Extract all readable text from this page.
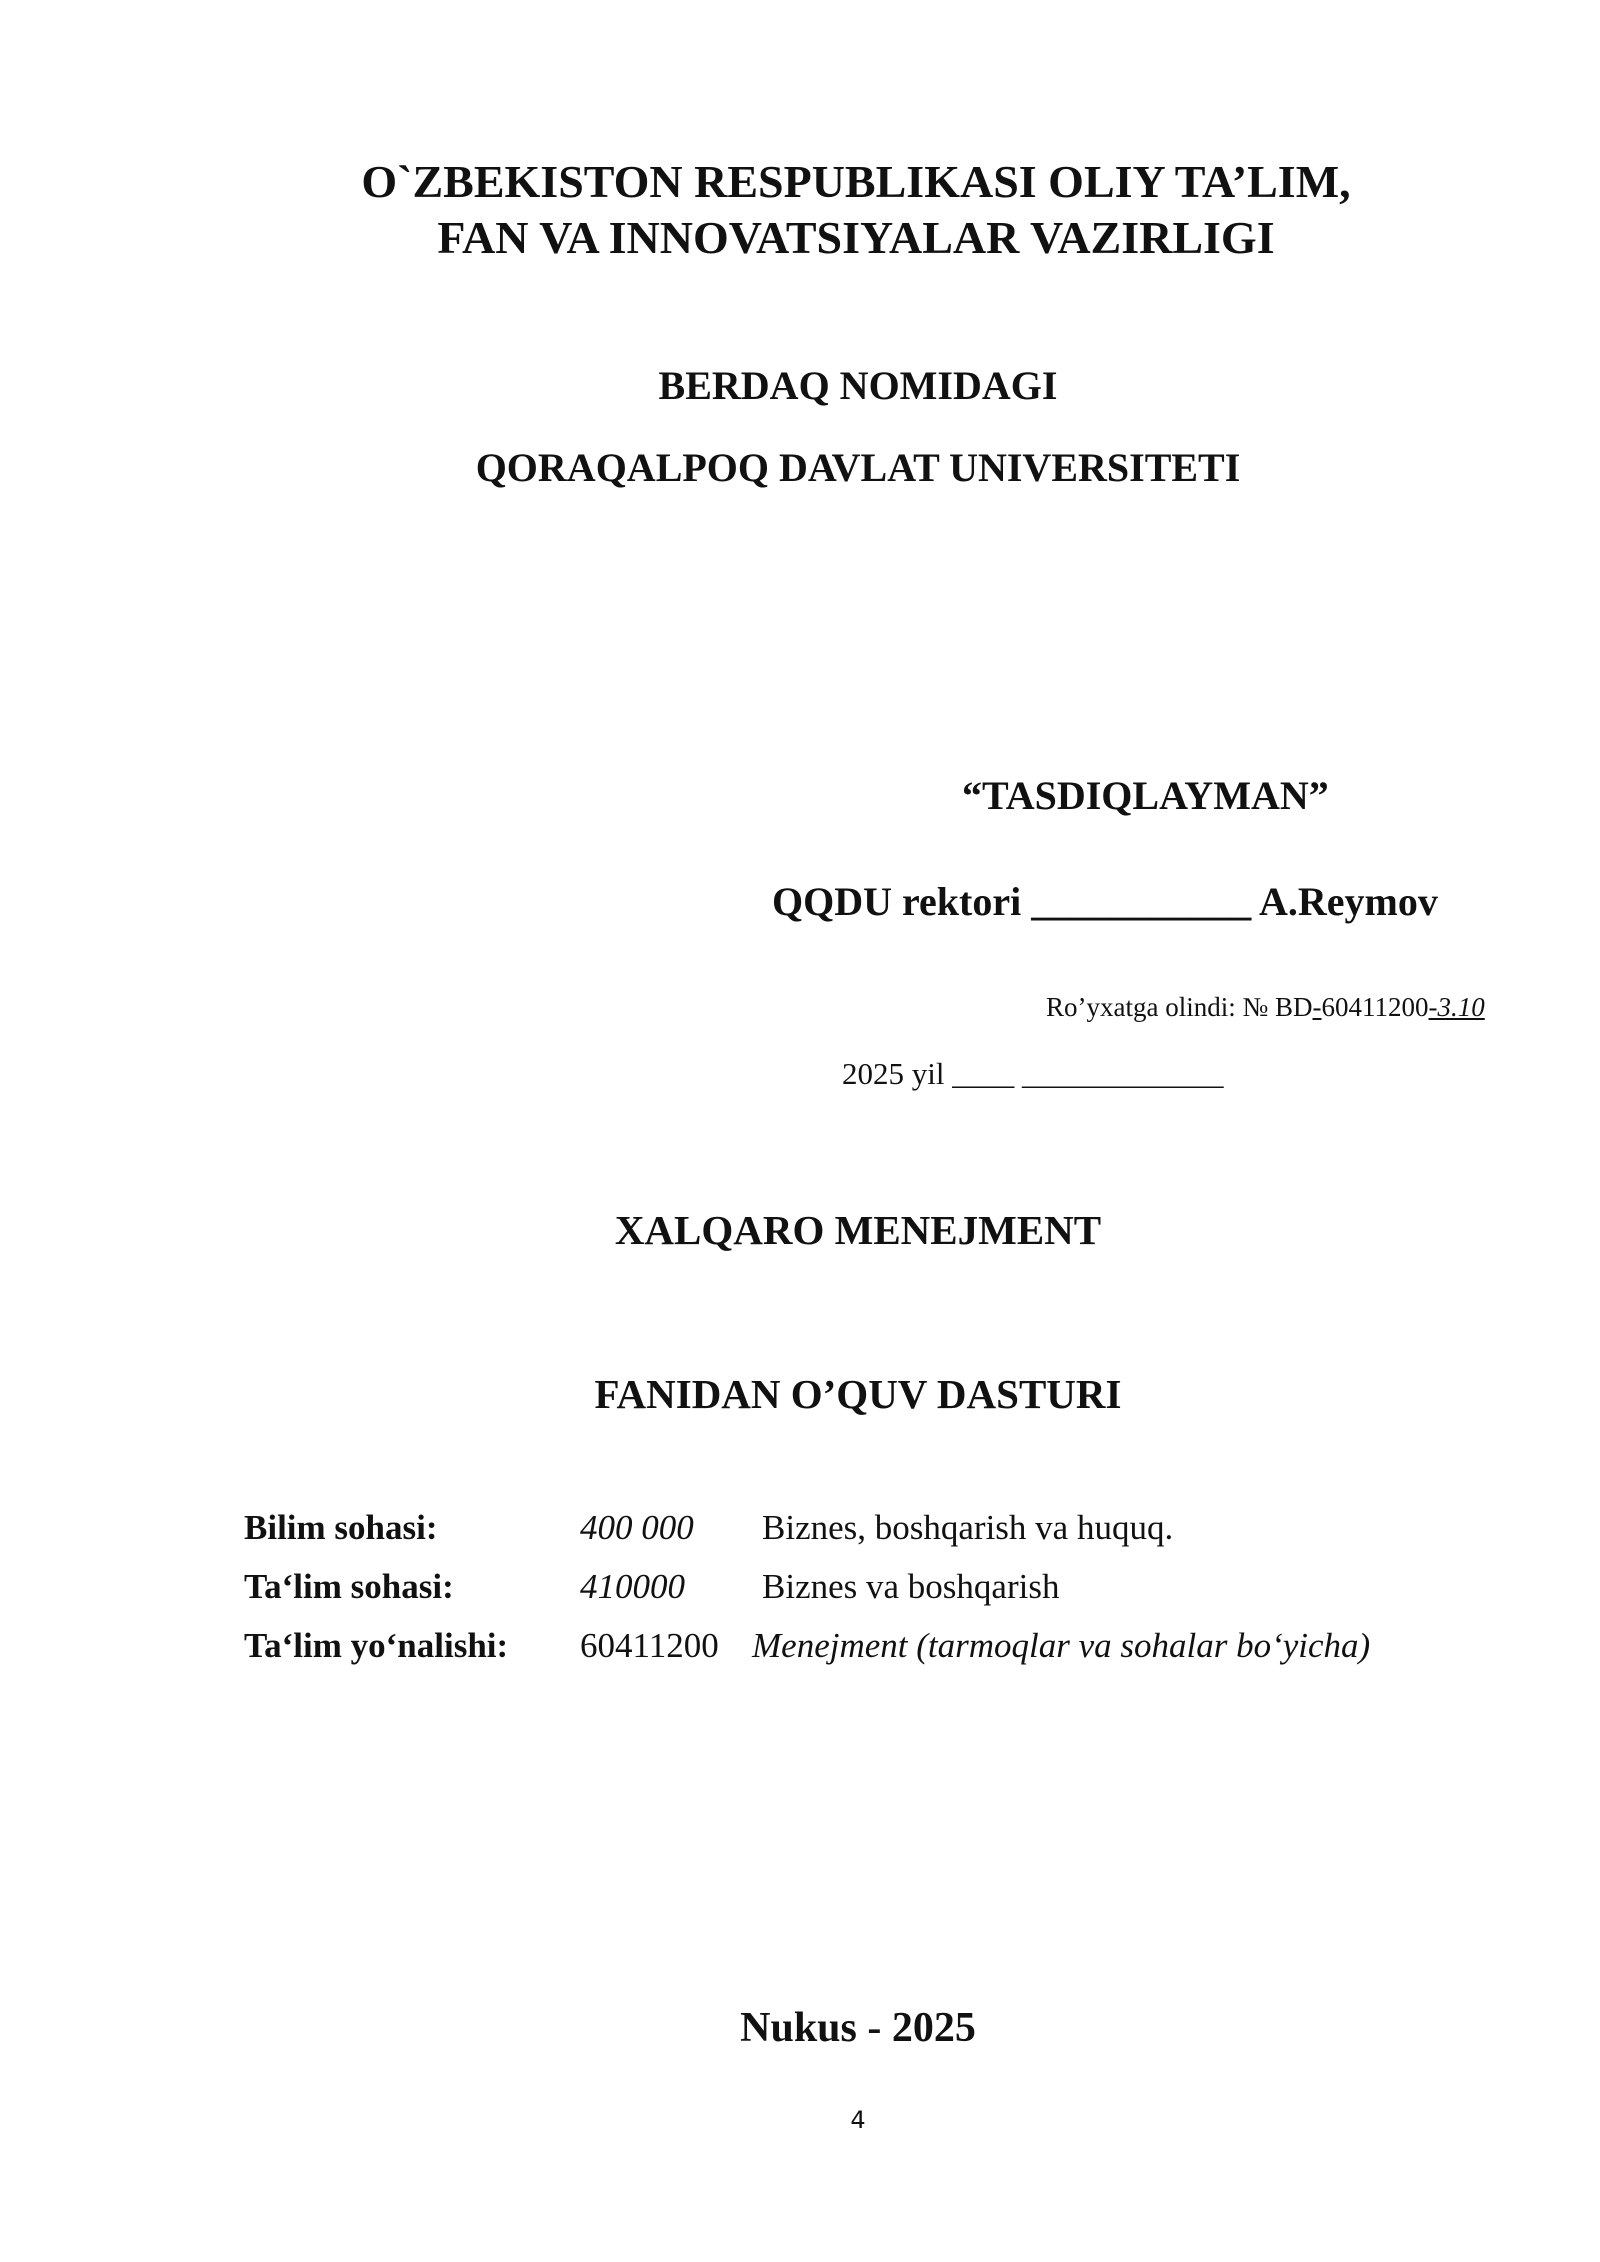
O`ZBEKISTON RESPUBLIKASI OLIY TA’LIM,
FAN VA INNOVATSIYALAR VAZIRLIGI
BERDAQ NOMIDAGI
QORAQALPOQ DAVLAT UNIVERSITETI
“TASDIQLAYMAN”
QQDU rektori ___________ A.Reymov
Ro’yxatga olindi: № BD-60411200-3.10
2025 yil ____ _____________
XALQARO MENEJMENT
FANIDAN O’QUV DASTURI
Bilim sohasi:	400 000 Biznes, boshqarish va huquq.
Ta‘lim sohasi:	410000 Biznes va boshqarish
Ta‘lim yo‘nalishi: 60411200 Menejment (tarmoqlar va sohalar bo‘yicha)
Nukus - 2025
4
